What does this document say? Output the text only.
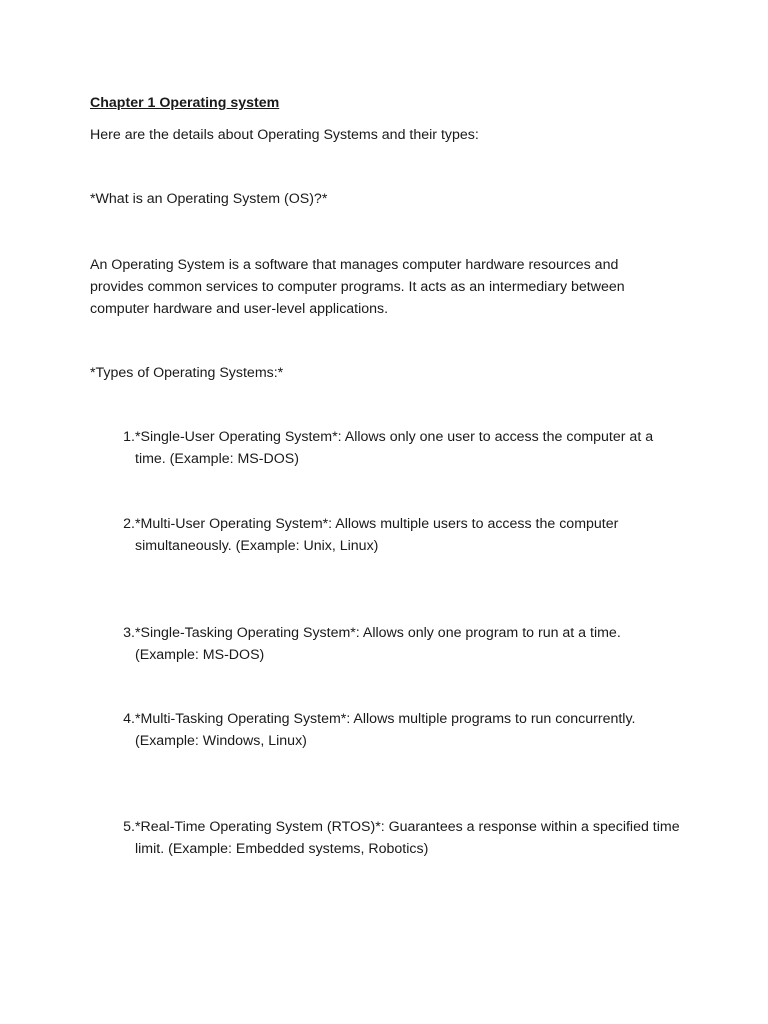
Chapter 1 Operating system

Here are the details about Operating Systems and their types:

*What is an Operating System (OS)?*

An Operating System is a software that manages computer hardware resources and provides common services to computer programs. It acts as an intermediary between computer hardware and user-level applications.

*Types of Operating Systems:*

1. *Single-User Operating System*: Allows only one user to access the computer at a time. (Example: MS-DOS)
2. *Multi-User Operating System*: Allows multiple users to access the computer simultaneously. (Example: Unix, Linux)
3. *Single-Tasking Operating System*: Allows only one program to run at a time. (Example: MS-DOS)
4. *Multi-Tasking Operating System*: Allows multiple programs to run concurrently. (Example: Windows, Linux)
5. *Real-Time Operating System (RTOS)*: Guarantees a response within a specified time limit. (Example: Embedded systems, Robotics)
